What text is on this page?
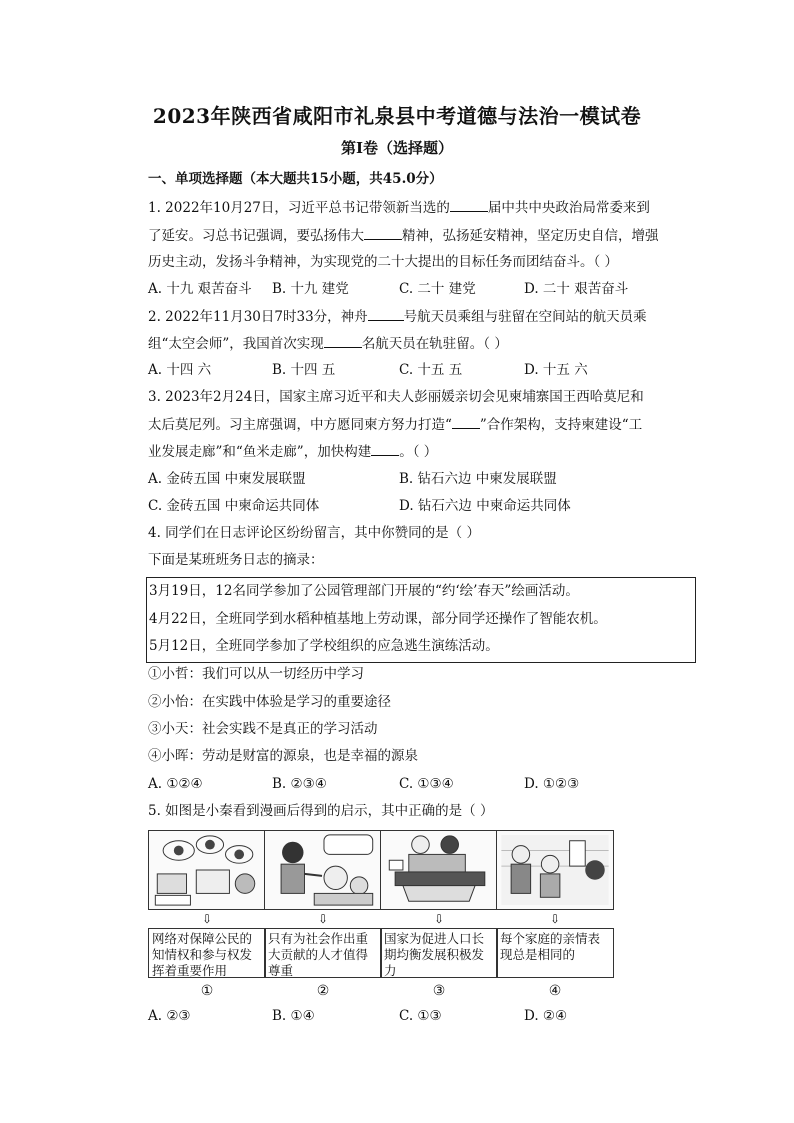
2023年陕西省咸阳市礼泉县中考道德与法治一模试卷
第Ⅰ卷（选择题）
一、单项选择题（本大题共15小题，共45.0分）
1. 2022年10月27日，习近平总书记带领新当选的	届中共中央政治局常委来到
了延安。习总书记强调，要弘扬伟大	精神，弘扬延安精神，坚定历史自信，增强
历史主动，发扬斗争精神，为实现党的二十大提出的目标任务而团结奋斗。（ ）
A. 十九 艰苦奋斗 B. 十九 建党	C. 二十 建党	D. 二十 艰苦奋斗
2. 2022年11月30日7时33分，神舟	号航天员乘组与驻留在空间站的航天员乘
组“太空会师”，我国首次实现	名航天员在轨驻留。（ ）
A. 十四 六	B. 十四 五	C. 十五 五	D. 十五 六
3. 2023年2月24日，国家主席习近平和夫人彭丽媛亲切会见柬埔寨国王西哈莫尼和
太后莫尼列。习主席强调，中方愿同柬方努力打造“ ”合作架构，支持柬建设“工
业发展走廊”和“鱼米走廊”，加快构建 。（ ）
A. 金砖五国 中柬发展联盟	B. 钻石六边 中柬发展联盟
C. 金砖五国 中柬命运共同体	D. 钻石六边 中柬命运共同体
4. 同学们在日志评论区纷纷留言，其中你赞同的是（ ）
下面是某班班务日志的摘录：
3月19日，12名同学参加了公园管理部门开展的“约‘绘’春天”绘画活动。
4月22日，全班同学到水稻种植基地上劳动课，部分同学还操作了智能农机。
5月12日，全班同学参加了学校组织的应急逃生演练活动。
①小哲：我们可以从一切经历中学习
②小怡：在实践中体验是学习的重要途径
③小天：社会实践不是真正的学习活动
④小晖：劳动是财富的源泉，也是幸福的源泉
A. ①②④	B. ②③④	C. ①③④	D. ①②③
5. 如图是小秦看到漫画后得到的启示，其中正确的是（ ）
⇩
网络对保障公民的知情权和参与权发挥着重要作用
①
⇩
只有为社会作出重大贡献的人才值得尊重
②
⇩
国家为促进人口长期均衡发展积极发力
③
⇩
每个家庭的亲情表现总是相同的
④
A. ②③	B. ①④	C. ①③	D. ②④
